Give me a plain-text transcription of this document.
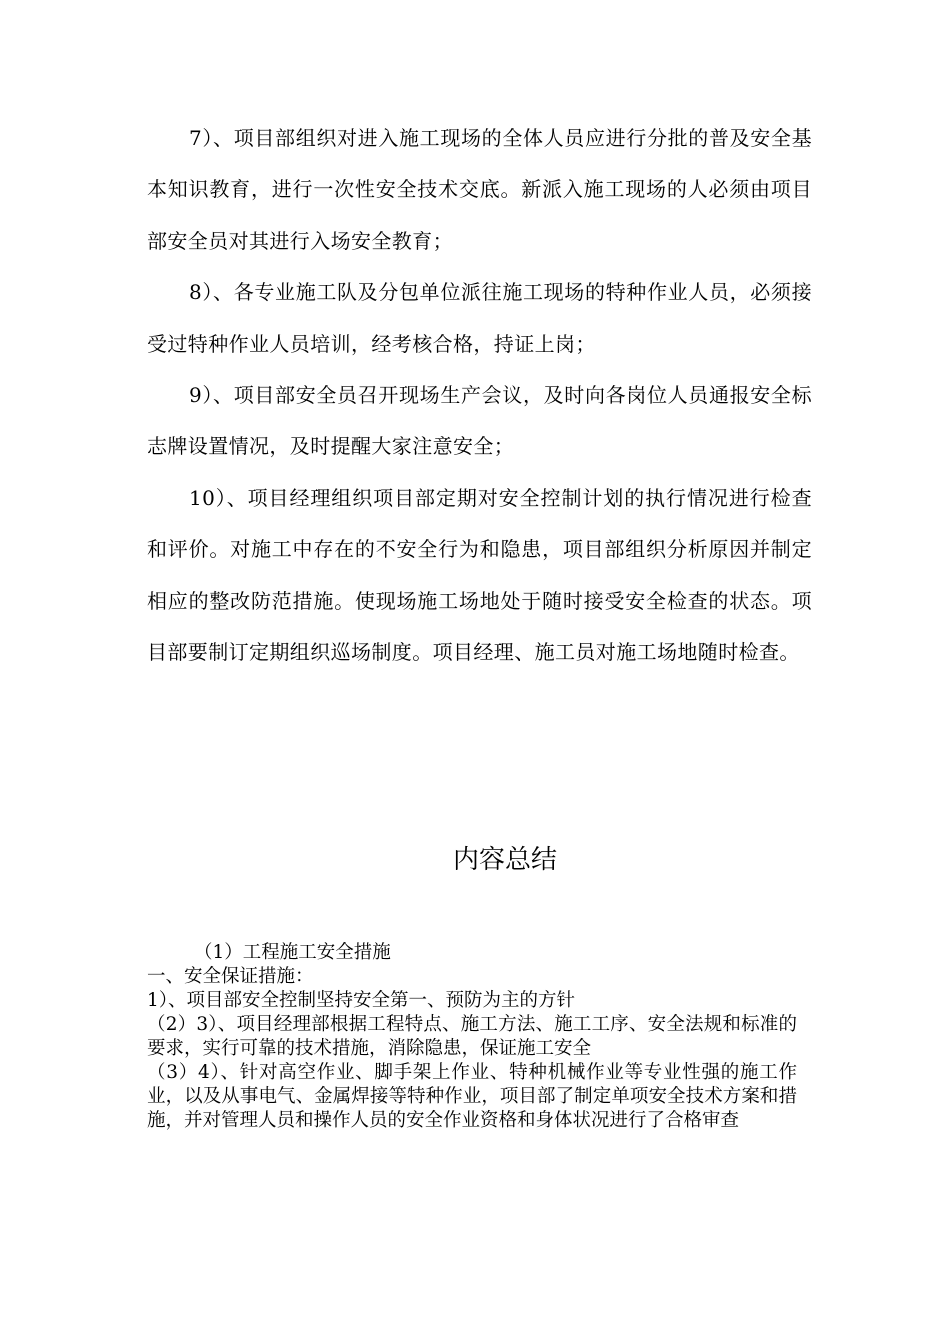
7）、项目部组织对进入施工现场的全体人员应进行分批的普及安全基本知识教育，进行一次性安全技术交底。新派入施工现场的人必须由项目部安全员对其进行入场安全教育；

8）、各专业施工队及分包单位派往施工现场的特种作业人员，必须接受过特种作业人员培训，经考核合格，持证上岗；

9）、项目部安全员召开现场生产会议，及时向各岗位人员通报安全标志牌设置情况，及时提醒大家注意安全；

10）、项目经理组织项目部定期对安全控制计划的执行情况进行检查和评价。对施工中存在的不安全行为和隐患，项目部组织分析原因并制定相应的整改防范措施。使现场施工场地处于随时接受安全检查的状态。项目部要制订定期组织巡场制度。项目经理、施工员对施工场地随时检查。

内容总结

（1）工程施工安全措施

一、安全保证措施：

1）、项目部安全控制坚持安全第一、预防为主的方针

（2）3）、项目经理部根据工程特点、施工方法、施工工序、安全法规和标准的要求，实行可靠的技术措施，消除隐患，保证施工安全

（3）4）、针对高空作业、脚手架上作业、特种机械作业等专业性强的施工作业，以及从事电气、金属焊接等特种作业，项目部了制定单项安全技术方案和措施，并对管理人员和操作人员的安全作业资格和身体状况进行了合格审查
